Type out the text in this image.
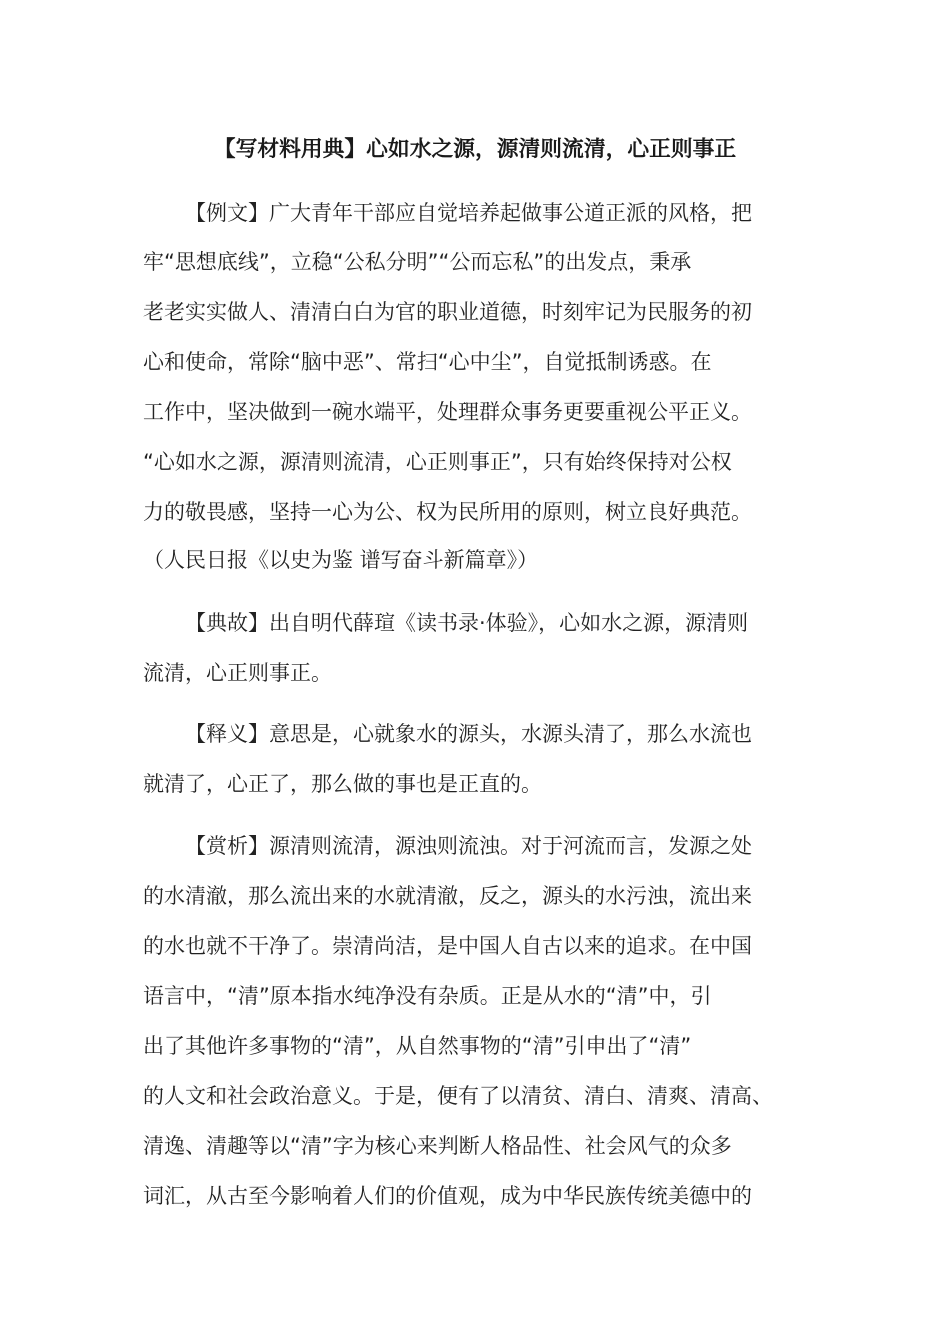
【写材料用典】心如水之源，源清则流清，心正则事正
【例文】广大青年干部应自觉培养起做事公道正派的风格，把
牢“思想底线”，立稳“公私分明”“公而忘私”的出发点，秉承
老老实实做人、清清白白为官的职业道德，时刻牢记为民服务的初
心和使命，常除“脑中恶”、常扫“心中尘”，自觉抵制诱惑。在
工作中，坚决做到一碗水端平，处理群众事务更要重视公平正义。
“心如水之源，源清则流清，心正则事正”，只有始终保持对公权
力的敬畏感，坚持一心为公、权为民所用的原则，树立良好典范。
（人民日报《以史为鉴 谱写奋斗新篇章》）
【典故】出自明代薛瑄《读书录·体验》，心如水之源，源清则
流清，心正则事正。
【释义】意思是，心就象水的源头，水源头清了，那么水流也
就清了，心正了，那么做的事也是正直的。
【赏析】源清则流清，源浊则流浊。对于河流而言，发源之处
的水清澈，那么流出来的水就清澈，反之，源头的水污浊，流出来
的水也就不干净了。崇清尚洁，是中国人自古以来的追求。在中国
语言中，“清”原本指水纯净没有杂质。正是从水的“清”中，引
出了其他许多事物的“清”，从自然事物的“清”引申出了“清”
的人文和社会政治意义。于是，便有了以清贫、清白、清爽、清高、
清逸、清趣等以“清”字为核心来判断人格品性、社会风气的众多
词汇，从古至今影响着人们的价值观，成为中华民族传统美德中的
